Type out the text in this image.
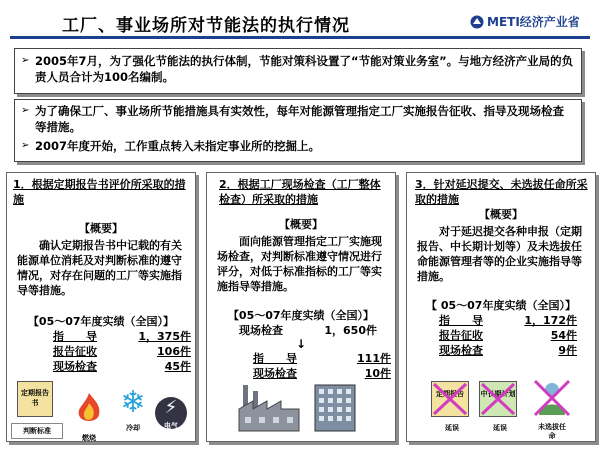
工厂、事业场所对节能法的执行情况	METI经济产业省
➢ 2005年7月，为了强化节能法的执行体制，节能对策科设置了“节能对策业务室”。与地方经济产业局的负责人员合计为100名编制。
➢ 为了确保工厂、事业场所节能措施具有实效性，每年对能源管理指定工厂实施报告征收、指导及现场检查等措施。
➢ 2007年度开始，工作重点转入未指定事业所的挖掘上。
1．根据定期报告书评价所采取的措施
【概要】
确认定期报告书中记载的有关能源单位消耗及对判断标准的遵守情况，对存在问题的工厂等实施指导等措施。
【05～07年度实绩（全国）】
指　　导	1，375件
报告征收	106件
现场检查	45件
定期报告书
判断标准
燃烧
❄
冷却
⚡
电气
2．根据工厂现场检查（工厂整体检查）所采取的措施
【概要】
面向能源管理指定工厂实施现场检查，对判断标准遵守情况进行评分，对低于标准指标的工厂等实施指导等措施。
【05～07年度实绩（全国）】
现场检查	1，650件
↓
指　　导	111件
现场检查	10件
3．针对延迟提交、未选拔任命所采取的措施
【概要】
对于延迟提交各种申报（定期报告、中长期计划等）及未选拔任命能源管理者等的企业实施指导等措施。
【 05～07年度实绩（全国）】
指　　导	1，172件
报告征收	54件
现场检查	9件
定期报告	中长期计划
未选拔任命
延误	延误
